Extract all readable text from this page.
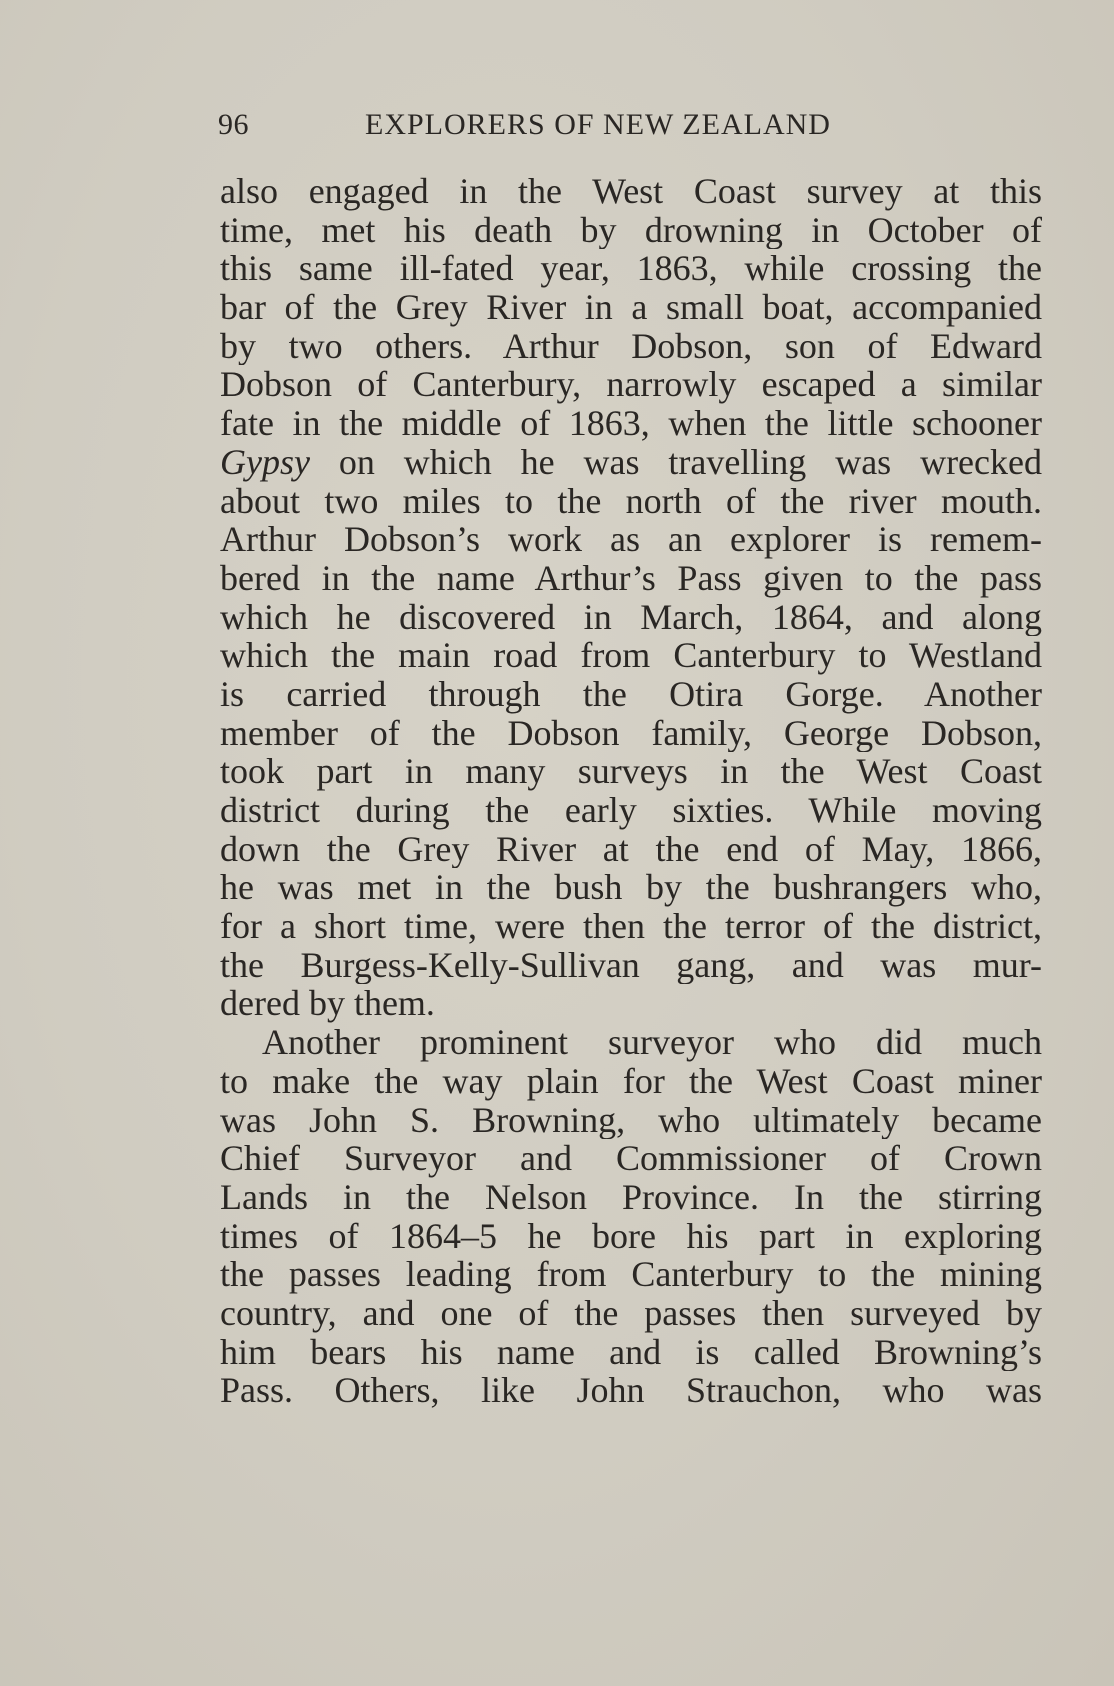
96	EXPLORERS OF NEW ZEALAND
also engaged in the West Coast survey at this
time, met his death by drowning in October of
this same ill-fated year, 1863, while crossing the
bar of the Grey River in a small boat, accompanied
by two others. Arthur Dobson, son of Edward
Dobson of Canterbury, narrowly escaped a similar
fate in the middle of 1863, when the little schooner
Gypsy on which he was travelling was wrecked
about two miles to the north of the river mouth.
Arthur Dobson’s work as an explorer is remem-
bered in the name Arthur’s Pass given to the pass
which he discovered in March, 1864, and along
which the main road from Canterbury to Westland
is carried through the Otira Gorge. Another
member of the Dobson family, George Dobson,
took part in many surveys in the West Coast
district during the early sixties. While moving
down the Grey River at the end of May, 1866,
he was met in the bush by the bushrangers who,
for a short time, were then the terror of the district,
the Burgess-Kelly-Sullivan gang, and was mur-
dered by them.
Another prominent surveyor who did much
to make the way plain for the West Coast miner
was John S. Browning, who ultimately became
Chief Surveyor and Commissioner of Crown
Lands in the Nelson Province. In the stirring
times of 1864–5 he bore his part in exploring
the passes leading from Canterbury to the mining
country, and one of the passes then surveyed by
him bears his name and is called Browning’s
Pass. Others, like John Strauchon, who was
